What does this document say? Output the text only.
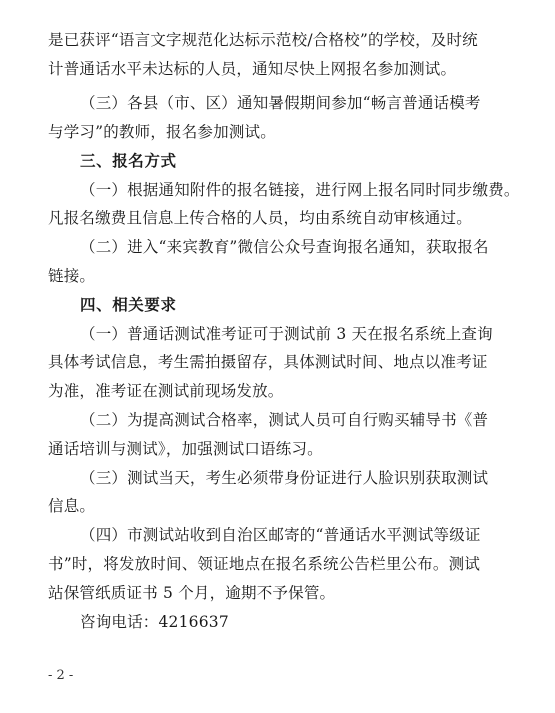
是已获评“语言文字规范化达标示范校/合格校”的学校，及时统
计普通话水平未达标的人员，通知尽快上网报名参加测试。
（三）各县（市、区）通知暑假期间参加“畅言普通话模考
与学习”的教师，报名参加测试。
三、报名方式
（一）根据通知附件的报名链接，进行网上报名同时同步缴费。
凡报名缴费且信息上传合格的人员，均由系统自动审核通过。
（二）进入“来宾教育”微信公众号查询报名通知，获取报名
链接。
四、相关要求
（一）普通话测试准考证可于测试前 3 天在报名系统上查询
具体考试信息，考生需拍摄留存，具体测试时间、地点以准考证
为准，准考证在测试前现场发放。
（二）为提高测试合格率，测试人员可自行购买辅导书《普
通话培训与测试》，加强测试口语练习。
（三）测试当天，考生必须带身份证进行人脸识别获取测试
信息。
（四）市测试站收到自治区邮寄的“普通话水平测试等级证
书”时，将发放时间、领证地点在报名系统公告栏里公布。测试
站保管纸质证书 5 个月，逾期不予保管。
咨询电话：4216637
- 2 -
